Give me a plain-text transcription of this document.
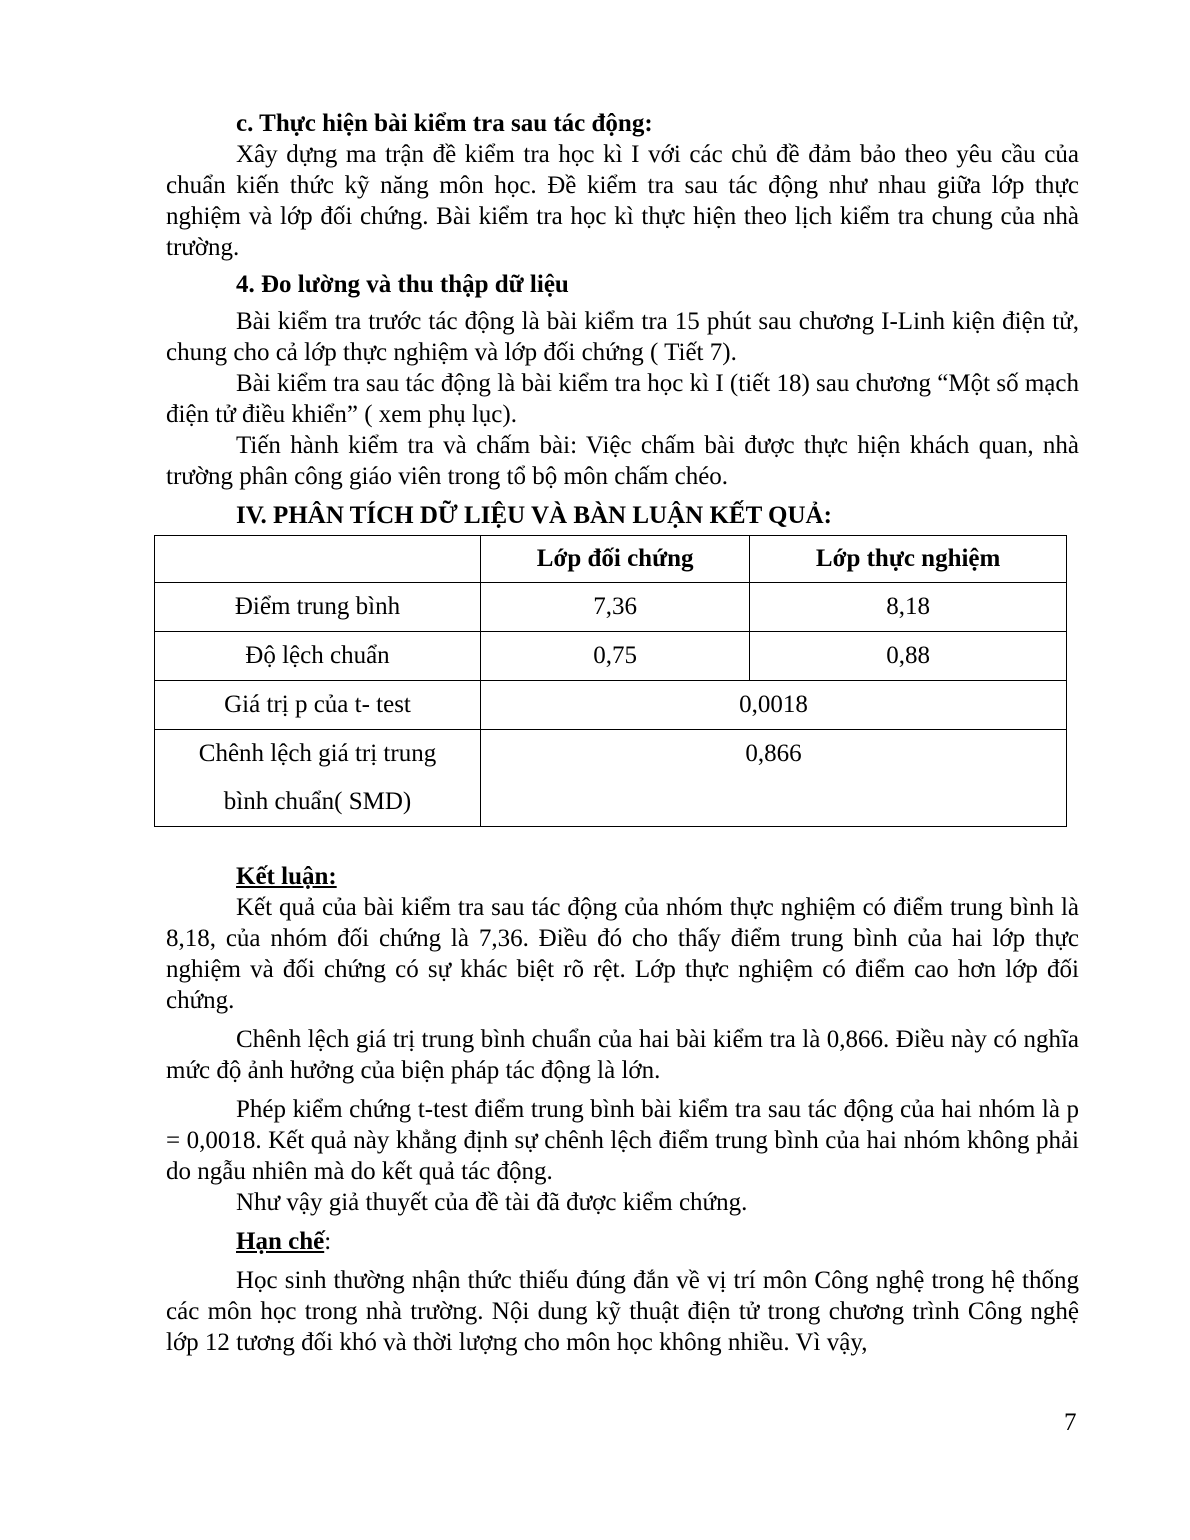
c. Thực hiện bài kiểm tra sau tác động:

Xây dựng ma trận đề kiểm tra học kì I với các chủ đề đảm bảo theo yêu cầu của chuẩn kiến thức kỹ năng môn học. Đề kiểm tra sau tác động như nhau giữa lớp thực nghiệm và lớp đối chứng. Bài kiểm tra học kì thực hiện theo lịch kiểm tra chung của nhà trường.

4. Đo lường và thu thập dữ liệu

Bài kiểm tra trước tác động là bài kiểm tra 15 phút sau chương I-Linh kiện điện tử, chung cho cả lớp thực nghiệm và lớp đối chứng ( Tiết 7).

Bài kiểm tra sau tác động là bài kiểm tra học kì I (tiết 18) sau chương “Một số mạch điện tử điều khiển” ( xem phụ lục).

Tiến hành kiểm tra và chấm bài: Việc chấm bài được thực hiện khách quan, nhà trường phân công giáo viên trong tổ bộ môn chấm chéo.

IV. PHÂN TÍCH DỮ LIỆU VÀ BÀN LUẬN KẾT QUẢ:
	Lớp đối chứng	Lớp thực nghiệm
Điểm trung bình	7,36	8,18
Độ lệch chuẩn	0,75	0,88
Giá trị p của t- test	0,0018	

Chênh lệch giá trị trung
bình chuẩn( SMD)	0,866	
Kết luận:

Kết quả của bài kiểm tra sau tác động của nhóm thực nghiệm có điểm trung bình là 8,18, của nhóm đối chứng là 7,36. Điều đó cho thấy điểm trung bình của hai lớp thực nghiệm và đối chứng có sự khác biệt rõ rệt. Lớp thực nghiệm có điểm cao hơn lớp đối chứng.

Chênh lệch giá trị trung bình chuẩn của hai bài kiểm tra là 0,866. Điều này có nghĩa mức độ ảnh hưởng của biện pháp tác động là lớn.

Phép kiểm chứng t-test điểm trung bình bài kiểm tra sau tác động của hai nhóm là p = 0,0018. Kết quả này khẳng định sự chênh lệch điểm trung bình của hai nhóm không phải do ngẫu nhiên mà do kết quả tác động.

Như vậy giả thuyết của đề tài đã được kiểm chứng.

Hạn chế:

Học sinh thường nhận thức thiếu đúng đắn về vị trí môn Công nghệ trong hệ thống các môn học trong nhà trường. Nội dung kỹ thuật điện tử trong chương trình Công nghệ lớp 12 tương đối khó và thời lượng cho môn học không nhiều. Vì vậy,

7
